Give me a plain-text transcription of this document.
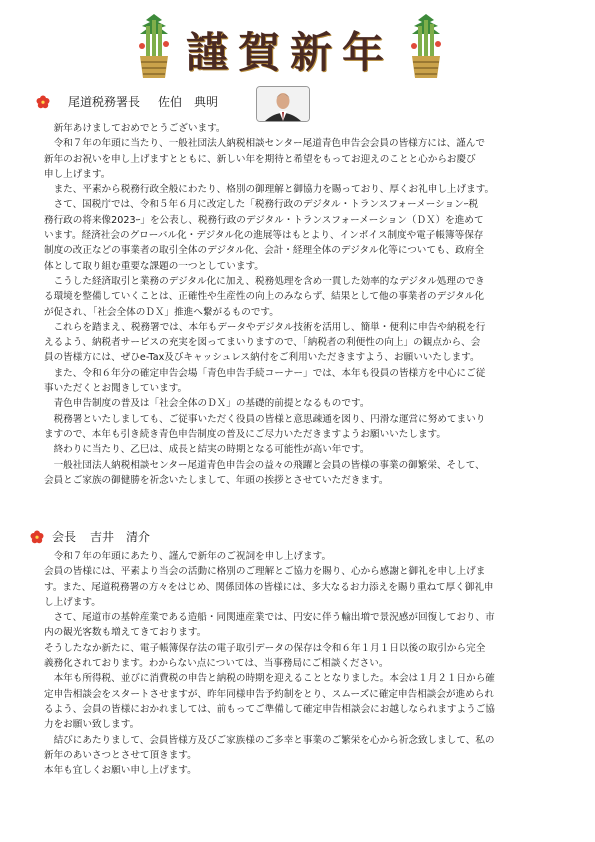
謹賀新年
尾道税務署長 佐伯　典明

　新年あけましておめでとうございます。

　令和７年の年頭に当たり、一般社団法人納税相談センター尾道青色申告会会員の皆様方には、謹んで
新年のお祝いを申し上げますとともに、新しい年を期待と希望をもってお迎えのことと心からお慶び
申し上げます。

　また、平素から税務行政全般にわたり、格別の御理解と御協力を賜っており、厚くお礼申し上げます。

　さて、国税庁では、令和５年６月に改定した「税務行政のデジタル・トランスフォーメーションｰ税
務行政の将来像2023ｰ」を公表し、税務行政のデジタル・トランスフォーメーション（ＤＸ）を進めて
います。経済社会のグローバル化・デジタル化の進展等はもとより、インボイス制度や電子帳簿等保存
制度の改正などの事業者の取引全体のデジタル化、会計・経理全体のデジタル化等についても、政府全
体として取り組む重要な課題の一つとしています。

　こうした経済取引と業務のデジタル化に加え、税務処理を含め一貫した効率的なデジタル処理のでき
る環境を整備していくことは、正確性や生産性の向上のみならず、結果として他の事業者のデジタル化
が促され、「社会全体のＤＸ」推進へ繋がるものです。

　これらを踏まえ、税務署では、本年もデータやデジタル技術を活用し、簡単・便利に申告や納税を行
えるよう、納税者サービスの充実を図ってまいりますので、「納税者の利便性の向上」の観点から、会
員の皆様方には、ぜひe-Tax及びキャッシュレス納付をご利用いただきますよう、お願いいたします。

　また、令和６年分の確定申告会場「青色申告手続コーナー」では、本年も役員の皆様方を中心にご従
事いただくとお聞きしています。

　青色申告制度の普及は「社会全体のＤＸ」の基礎的前提となるものです。

　税務署といたしましても、ご従事いただく役員の皆様と意思疎通を図り、円滑な運営に努めてまいり
ますので、本年も引き続き青色申告制度の普及にご尽力いただきますようお願いいたします。

　終わりに当たり、乙巳は、成長と結実の時期となる可能性が高い年です。

　一般社団法人納税相談センター尾道青色申告会の益々の飛躍と会員の皆様の事業の御繁栄、そして、
会員とご家族の御健勝を祈念いたしまして、年頭の挨拶とさせていただきます。

会長 吉井　清介

　令和７年の年頭にあたり、謹んで新年のご祝詞を申し上げます。
会員の皆様には、平素より当会の活動に格別のご理解とご協力を賜り、心から感謝と御礼を申し上げま
す。また、尾道税務署の方々をはじめ、関係団体の皆様には、多大なるお力添えを賜り重ねて厚く御礼申
し上げます。

　さて、尾道市の基幹産業である造船・同関連産業では、円安に伴う輸出増で景況感が回復しており、市
内の観光客数も増えてきております。
そうしたなか新たに、電子帳簿保存法の電子取引データの保存は令和６年１月１日以後の取引から完全
義務化されております。わからない点については、当事務局にご相談ください。

　本年も所得税、並びに消費税の申告と納税の時期を迎えることとなりました。本会は１月２１日から確
定申告相談会をスタートさせますが、昨年同様申告予約制をとり、スムーズに確定申告相談会が進められ
るよう、会員の皆様におかれましては、前もってご準備して確定申告相談会にお越しなられますようご協
力をお願い致します。

　結びにあたりまして、会員皆様方及びご家族様のご多幸と事業のご繁栄を心から祈念致しまして、私の
新年のあいさつとさせて頂きます。
本年も宜しくお願い申し上げます。
